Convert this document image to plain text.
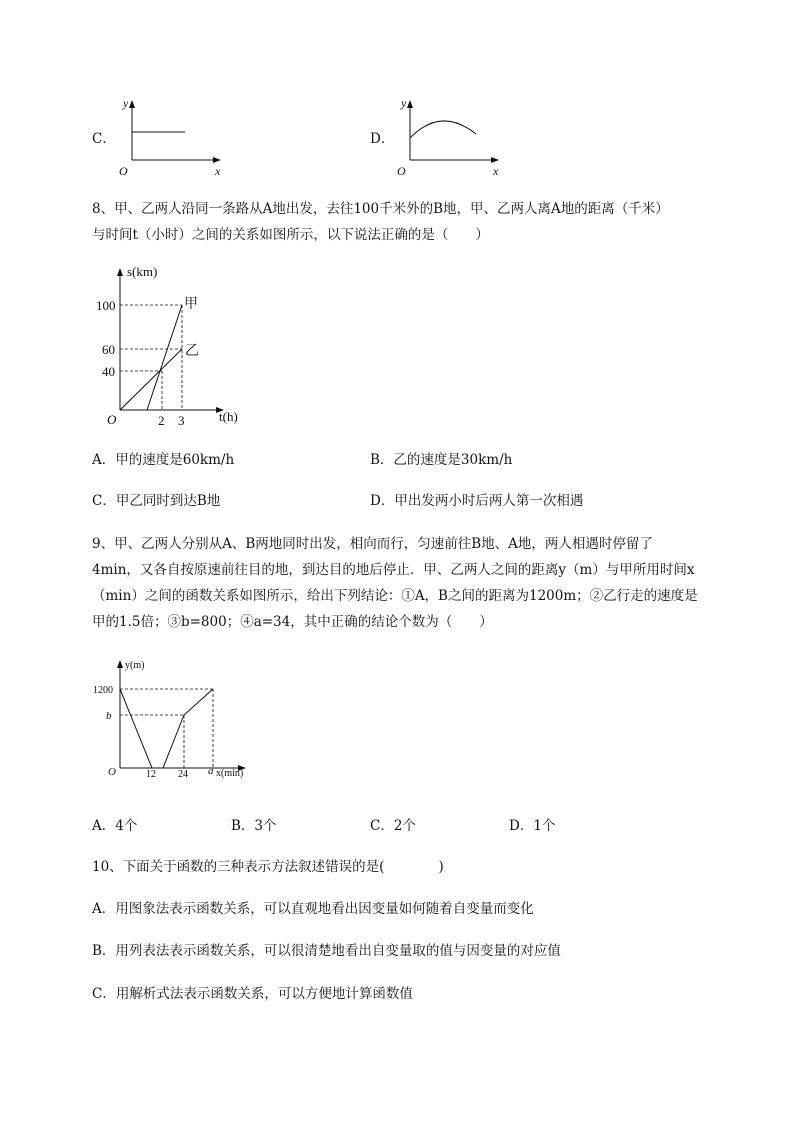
C．
y
x
O
D．
y
x
O
8、甲、乙两人沿同一条路从A地出发，去往100千米外的B地，甲、乙两人离A地的距离（千米）
与时间t（小时）之间的关系如图所示，以下说法正确的是（　　）
s(km)
t(h)
O
100
60
40
2 3
甲
乙
A．甲的速度是60km/h	B．乙的速度是30km/h
C．甲乙同时到达B地	D．甲出发两小时后两人第一次相遇
9、甲、乙两人分别从A、B两地同时出发，相向而行，匀速前往B地、A地，两人相遇时停留了
4min，又各自按原速前往目的地，到达目的地后停止．甲、乙两人之间的距离y（m）与甲所用时间x
（min）之间的函数关系如图所示，给出下列结论：①A，B之间的距离为1200m；②乙行走的速度是
甲的1.5倍；③b=800；④a=34，其中正确的结论个数为（　　）
y(m)
x(min)
O
1200
b
12 24 a
A．4个	B．3个	C．2个	D．1个
10、下面关于函数的三种表示方法叙述错误的是(　　　　)
A．用图象法表示函数关系，可以直观地看出因变量如何随着自变量而变化
B．用列表法表示函数关系，可以很清楚地看出自变量取的值与因变量的对应值
C．用解析式法表示函数关系，可以方便地计算函数值
